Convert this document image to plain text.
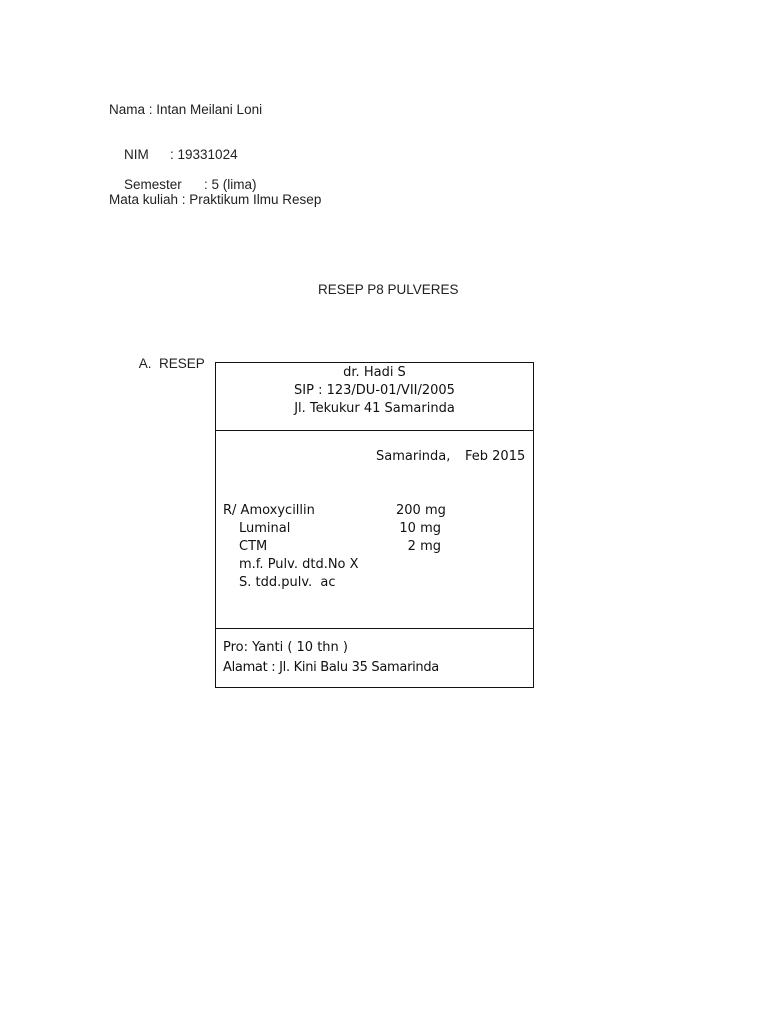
Nama : Intan Meilani Loni

NIM : 19331024

Semester : 5 (lima)

Mata kuliah : Praktikum Ilmu Resep
RESEP P8 PULVERES

A. RESEP

dr. Hadi S
SIP : 123/DU-01/VII/2005
Jl. Tekukur 41 Samarinda
Samarinda, Feb 2015
R/ Amoxycillin	200 mg
Luminal	10 mg
CTM	2 mg
m.f. Pulv. dtd.No X
S. tdd.pulv.  ac
Pro: Yanti ( 10 thn )
Alamat : Jl. Kini Balu 35 Samarinda
